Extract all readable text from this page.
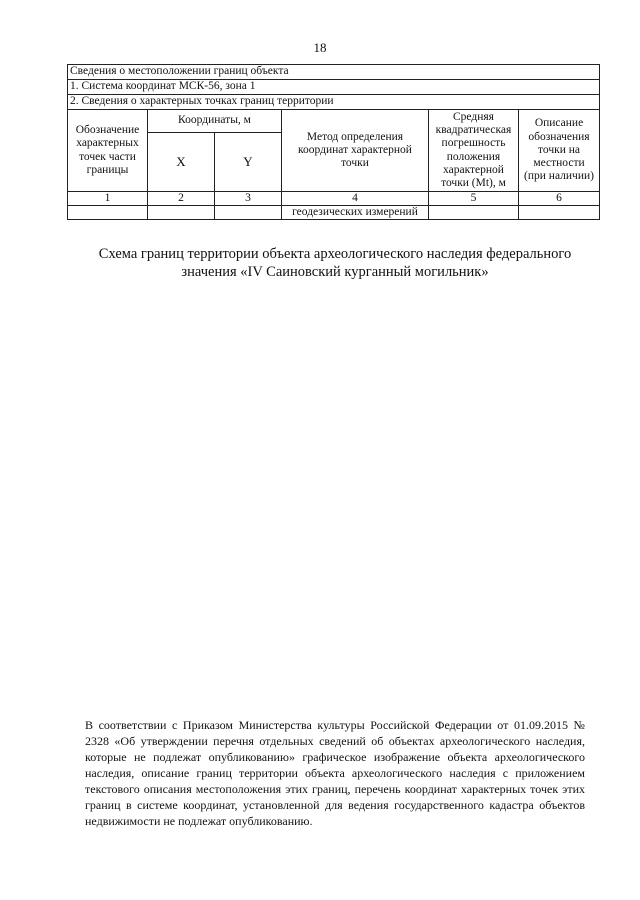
18
Сведения о местоположении границ объекта					
1. Система координат МСК-56, зона 1					
2. Сведения о характерных точках границ территории					
Обозначение характерных точек части границы	Координаты, м		Метод определения координат характерной точки	Средняя квадратическая погрешность положения характерной точки (Mt), м	Описание обозначения точки на местности (при наличии)
	X	Y			
1	2	3	4	5	6
			геодезических измерений		
Схема границ территории объекта археологического наследия федерального значения «IV Саиновский курганный могильник»
В соответствии с Приказом Министерства культуры Российской Федерации от 01.09.2015 № 2328 «Об утверждении перечня отдельных сведений об объектах археологического наследия, которые не подлежат опубликованию» графическое изображение объекта археологического наследия, описание границ территории объекта археологического наследия с приложением текстового описания местоположения этих границ, перечень координат характерных точек этих границ в системе координат, установленной для ведения государственного кадастра объектов недвижимости не подлежат опубликованию.
